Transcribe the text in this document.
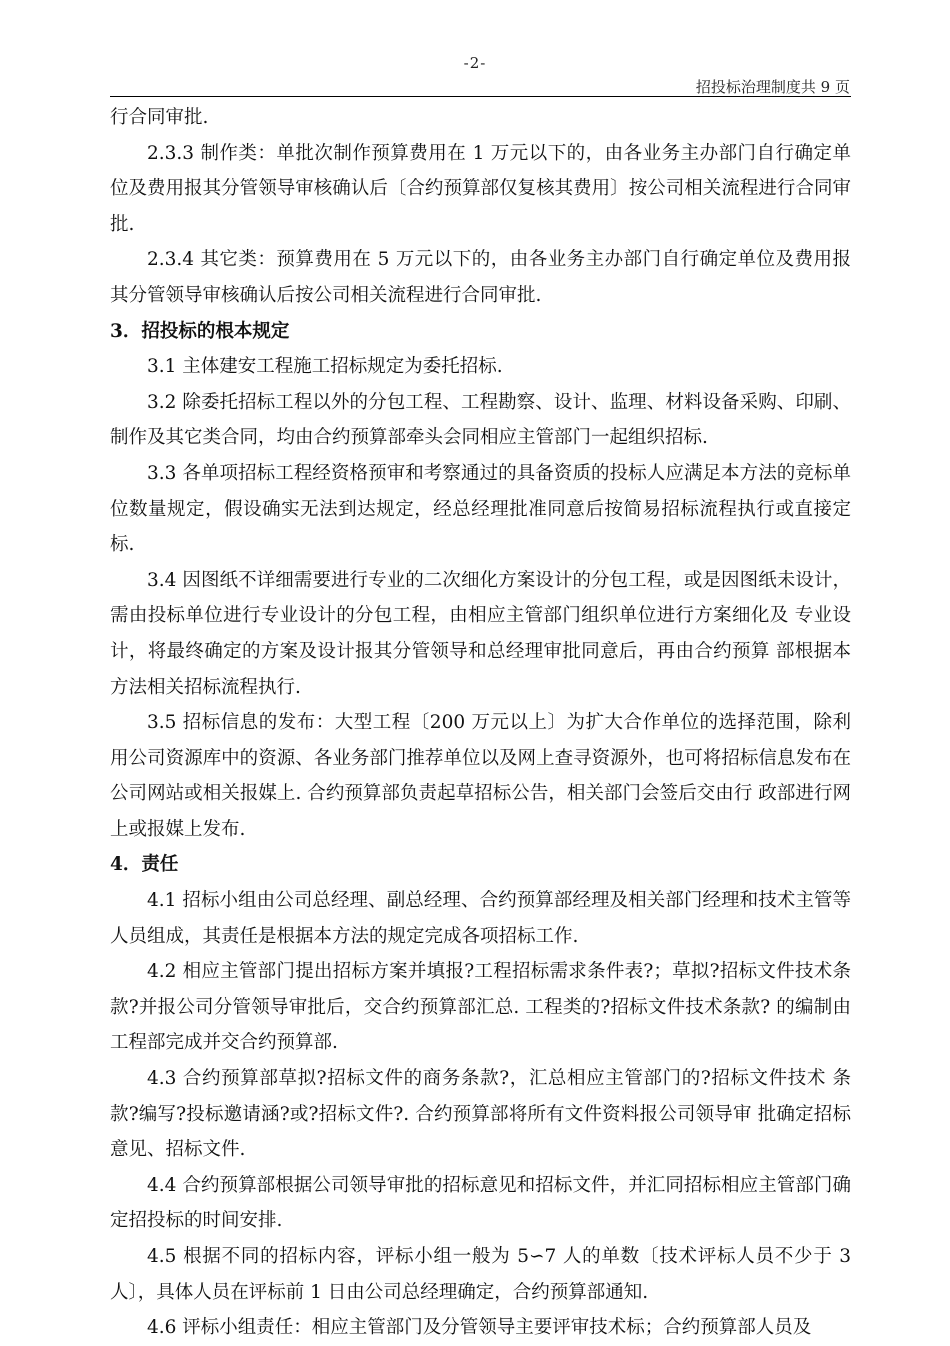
-2-
招投标治理制度共 9 页

行合同审批.

2.3.3 制作类：单批次制作预算费用在 1 万元以下的，由各业务主办部门自行确定单位及费用报其分管领导审核确认后〔合约预算部仅复核其费用〕按公司相关流程进行合同审批.

2.3.4 其它类：预算费用在 5 万元以下的，由各业务主办部门自行确定单位及费用报其分管领导审核确认后按公司相关流程进行合同审批.

3．招投标的根本规定

3.1 主体建安工程施工招标规定为委托招标.

3.2 除委托招标工程以外的分包工程、工程勘察、设计、监理、材料设备采购、印刷、制作及其它类合同，均由合约预算部牵头会同相应主管部门一起组织招标.

3.3 各单项招标工程经资格预审和考察通过的具备资质的投标人应满足本方法的竞标单位数量规定，假设确实无法到达规定，经总经理批准同意后按简易招标流程执行或直接定标.

3.4 因图纸不详细需要进行专业的二次细化方案设计的分包工程，或是因图纸未设计，需由投标单位进行专业设计的分包工程，由相应主管部门组织单位进行方案细化及 专业设计，将最终确定的方案及设计报其分管领导和总经理审批同意后，再由合约预算 部根据本方法相关招标流程执行.

3.5 招标信息的发布：大型工程〔200 万元以上〕为扩大合作单位的选择范围，除利用公司资源库中的资源、各业务部门推荐单位以及网上查寻资源外，也可将招标信息发布在公司网站或相关报媒上. 合约预算部负责起草招标公告，相关部门会签后交由行 政部进行网上或报媒上发布.

4．责任

4.1 招标小组由公司总经理、副总经理、合约预算部经理及相关部门经理和技术主管等人员组成，其责任是根据本方法的规定完成各项招标工作.

4.2 相应主管部门提出招标方案并填报?工程招标需求条件表?；草拟?招标文件技术条款?并报公司分管领导审批后，交合约预算部汇总. 工程类的?招标文件技术条款? 的编制由工程部完成并交合约预算部.

4.3 合约预算部草拟?招标文件的商务条款?，汇总相应主管部门的?招标文件技术 条款?编写?投标邀请涵?或?招标文件?. 合约预算部将所有文件资料报公司领导审 批确定招标意见、招标文件.

4.4 合约预算部根据公司领导审批的招标意见和招标文件，并汇同招标相应主管部门确定招投标的时间安排.

4.5 根据不同的招标内容，评标小组一般为 5∽7 人的单数〔技术评标人员不少于 3人〕，具体人员在评标前 1 日由公司总经理确定，合约预算部通知.

4.6 评标小组责任：相应主管部门及分管领导主要评审技术标；合约预算部人员及
